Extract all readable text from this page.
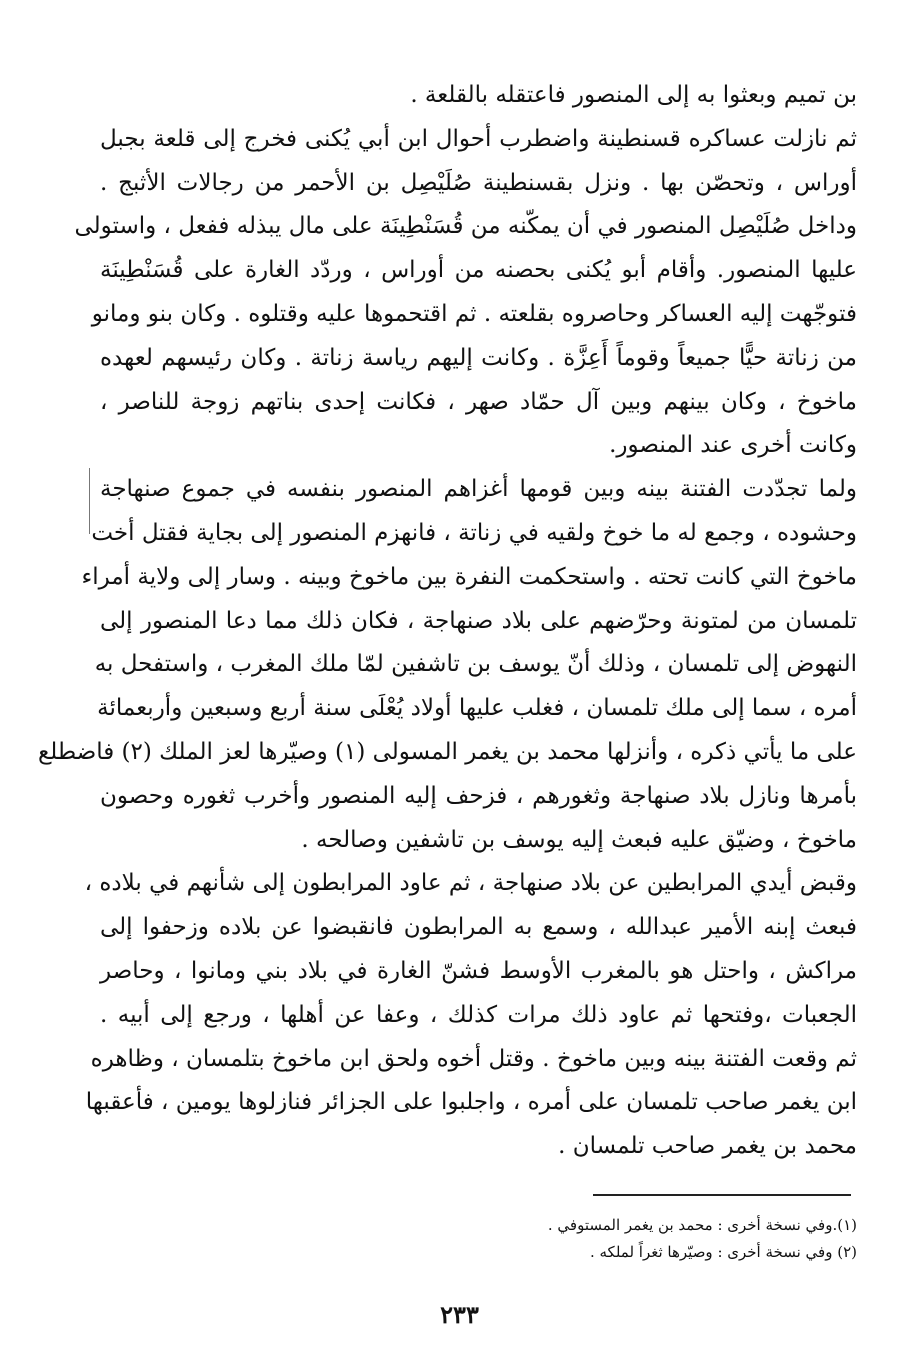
بن تميم وبعثوا به إلى المنصور فاعتقله بالقلعة .
ثم نازلت عساكره قسنطينة واضطرب أحوال ابن أبي يُكنى فخرج إلى قلعة بجبل
أوراس ، وتحصّن بها . ونزل بقسنطينة صُلَيْصِل بن الأحمر من رجالات الأثبج .
وداخل صُلَيْصِل المنصور في أن يمكّنه من قُسَنْطِينَة على مال يبذله ففعل ، واستولى
عليها المنصور. وأقام أبو يُكنى بحصنه من أوراس ، وردّد الغارة على قُسَنْطِينَة
فتوجّهت إليه العساكر وحاصروه بقلعته . ثم اقتحموها عليه وقتلوه . وكان بنو ومانو
من زناتة حيًّا جميعاً وقوماً أَعِزَّة . وكانت إليهم رياسة زناتة . وكان رئيسهم لعهده
ماخوخ ، وكان بينهم وبين آل حمّاد صهر ، فكانت إحدى بناتهم زوجة للناصر ،
وكانت أخرى عند المنصور.
ولما تجدّدت الفتنة بينه وبين قومها أغزاهم المنصور بنفسه في جموع صنهاجة
وحشوده ، وجمع له ما خوخ ولقيه في زناتة ، فانهزم المنصور إلى بجاية فقتل أخت
ماخوخ التي كانت تحته . واستحكمت النفرة بين ماخوخ وبينه . وسار إلى ولاية أمراء
تلمسان من لمتونة وحرّضهم على بلاد صنهاجة ، فكان ذلك مما دعا المنصور إلى
النهوض إلى تلمسان ، وذلك أنّ يوسف بن تاشفين لمّا ملك المغرب ، واستفحل به
أمره ، سما إلى ملك تلمسان ، فغلب عليها أولاد يُعْلَى سنة أربع وسبعين وأربعمائة
على ما يأتي ذكره ، وأنزلها محمد بن يغمر المسولى (١) وصيّرها لعز الملك (٢) فاضطلع
بأمرها ونازل بلاد صنهاجة وثغورهم ، فزحف إليه المنصور وأخرب ثغوره وحصون
ماخوخ ، وضيّق عليه فبعث إليه يوسف بن تاشفين وصالحه .
وقبض أيدي المرابطين عن بلاد صنهاجة ، ثم عاود المرابطون إلى شأنهم في بلاده ،
فبعث إبنه الأمير عبدالله ، وسمع به المرابطون فانقبضوا عن بلاده وزحفوا إلى
مراكش ، واحتل هو بالمغرب الأوسط فشنّ الغارة في بلاد بني ومانوا ، وحاصر
الجعبات ،وفتحها ثم عاود ذلك مرات كذلك ، وعفا عن أهلها ، ورجع إلى أبيه .
ثم وقعت الفتنة بينه وبين ماخوخ . وقتل أخوه ولحق ابن ماخوخ بتلمسان ، وظاهره
ابن يغمر صاحب تلمسان على أمره ، واجلبوا على الجزائر فنازلوها يومين ، فأعقبها
محمد بن يغمر صاحب تلمسان .
(١).وفي نسخة أخرى : محمد بن يغمر المستوفي .
(٢) وفي نسخة أخرى : وصيّرها ثغراً لملكه .
٢٣٣
